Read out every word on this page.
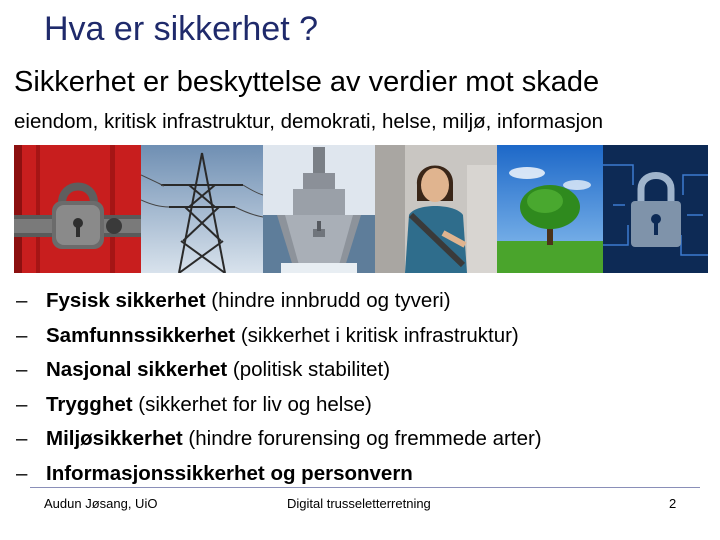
Hva er sikkerhet ?
Sikkerhet er beskyttelse av verdier mot skade
eiendom, kritisk infrastruktur, demokrati, helse, miljø, informasjon
– Fysisk sikkerhet (hindre innbrudd og tyveri)
– Samfunnssikkerhet (sikkerhet i kritisk infrastruktur)
– Nasjonal sikkerhet (politisk stabilitet)
– Trygghet (sikkerhet for liv og helse)
– Miljøsikkerhet (hindre forurensing og fremmede arter)
– Informasjonssikkerhet og personvern
Audun Jøsang, UiO	Digital trusseletterretning	2
